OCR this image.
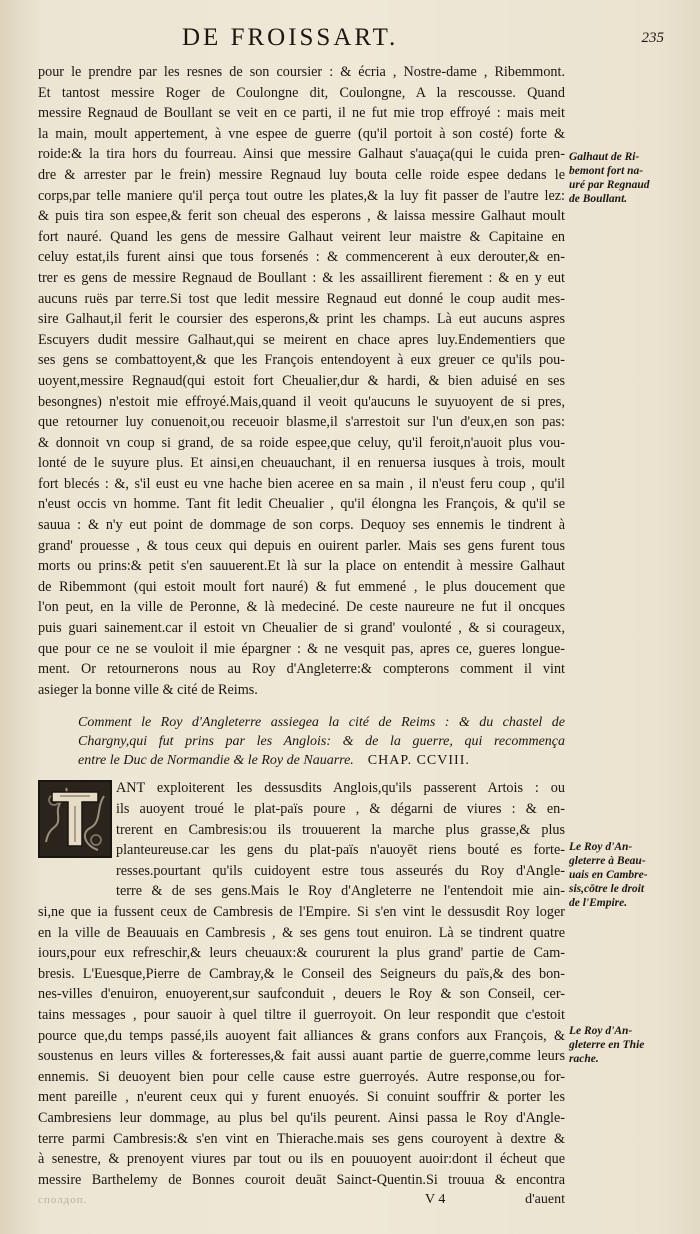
DE FROISSART.	235
pour le prendre par les resnes de son coursier : & écria , Nostre-dame , Ribemmont.
Et tantost messire Roger de Coulongne dit, Coulongne, A la rescousse. Quand
messire Regnaud de Boullant se veit en ce parti, il ne fut mie trop effroyé : mais meit
la main, moult appertement, à vne espee de guerre (qu'il portoit à son costé) forte &
roide:& la tira hors du fourreau. Ainsi que messire Galhaut s'auaça(qui le cuida pren-
dre & arrester par le frein) messire Regnaud luy bouta celle roide espee dedans le
corps,par telle maniere qu'il perça tout outre les plates,& la luy fit passer de l'autre lez:
& puis tira son espee,& ferit son cheual des esperons , & laissa messire Galhaut moult
fort nauré. Quand les gens de messire Galhaut veirent leur maistre & Capitaine en
celuy estat,ils furent ainsi que tous forsenés : & commencerent à eux derouter,& en-
trer es gens de messire Regnaud de Boullant : & les assaillirent fierement : & en y eut
aucuns ruës par terre.Si tost que ledit messire Regnaud eut donné le coup audit mes-
sire Galhaut,il ferit le coursier des esperons,& print les champs. Là eut aucuns aspres
Escuyers dudit messire Galhaut,qui se meirent en chace apres luy.Endementiers que
ses gens se combattoyent,& que les François entendoyent à eux greuer ce qu'ils pou-
uoyent,messire Regnaud(qui estoit fort Cheualier,dur & hardi, & bien aduisé en ses
besongnes) n'estoit mie effroyé.Mais,quand il veoit qu'aucuns le suyuoyent de si pres,
que retourner luy conuenoit,ou receuoir blasme,il s'arrestoit sur l'un d'eux,en son pas:
& donnoit vn coup si grand, de sa roide espee,que celuy, qu'il feroit,n'auoit plus vou-
lonté de le suyure plus. Et ainsi,en cheuauchant, il en renuersa iusques à trois, moult
fort blecés : &, s'il eust eu vne hache bien aceree en sa main , il n'eust feru coup , qu'il
n'eust occis vn homme. Tant fit ledit Cheualier , qu'il élongna les François, & qu'il se
sauua : & n'y eut point de dommage de son corps. Dequoy ses ennemis le tindrent à
grand' prouesse , & tous ceux qui depuis en ouirent parler. Mais ses gens furent tous
morts ou prins:& petit s'en sauuerent.Et là sur la place on entendit à messire Galhaut
de Ribemmont (qui estoit moult fort nauré) & fut emmené , le plus doucement que
l'on peut, en la ville de Peronne, & là medeciné. De ceste naureure ne fut il oncques
puis guari sainement.car il estoit vn Cheualier de si grand' voulonté , & si courageux,
que pour ce ne se vouloit il mie épargner : & ne vesquit pas, apres ce, gueres longue-
ment. Or retournerons nous au Roy d'Angleterre:& compterons comment il vint
asieger la bonne ville & cité de Reims.
Comment le Roy d'Angleterre assiegea la cité de Reims : & du chastel de
Chargny,qui fut prins par les Anglois: & de la guerre, qui recommença
entre le Duc de Normandie & le Roy de Nauarre. CHAP. CCVIII.
ANT exploiterent les dessusdits Anglois,qu'ils passerent Artois : ou
ils auoyent troué le plat-païs poure , & dégarni de viures : & en-
trerent en Cambresis:ou ils trouuerent la marche plus grasse,& plus
planteureuse.car les gens du plat-païs n'auoyēt riens bouté es forte-
resses.pourtant qu'ils cuidoyent estre tous asseurés du Roy d'Angle-
terre & de ses gens.Mais le Roy d'Angleterre ne l'entendoit mie ain-
si,ne que ia fussent ceux de Cambresis de l'Empire. Si s'en vint le dessusdit Roy loger
en la ville de Beauuais en Cambresis , & ses gens tout enuiron. Là se tindrent quatre
iours,pour eux refreschir,& leurs cheuaux:& coururent la plus grand' partie de Cam-
bresis. L'Euesque,Pierre de Cambray,& le Conseil des Seigneurs du païs,& des bon-
nes-villes d'enuiron, enuoyerent,sur saufconduit , deuers le Roy & son Conseil, cer-
tains messages , pour sauoir à quel tiltre il guerroyoit. On leur respondit que c'estoit
pource que,du temps passé,ils auoyent fait alliances & grans confors aux François, &
soustenus en leurs villes & forteresses,& fait aussi auant partie de guerre,comme leurs
ennemis. Si deuoyent bien pour celle cause estre guerroyés. Autre response,ou for-
ment pareille , n'eurent ceux qui y furent enuoyés. Si conuint souffrir & porter les
Cambresiens leur dommage, au plus bel qu'ils peurent. Ainsi passa le Roy d'Angle-
terre parmi Cambresis:& s'en vint en Thierache.mais ses gens couroyent à dextre &
à senestre, & prenoyent viures par tout ou ils en pouuoyent auoir:dont il écheut que
messire Barthelemy de Bonnes couroit deuāt Sainct-Quentin.Si trouua & encontra
сполдоп.	V 4	d'auent
Galhaut de Ri-
bemont fort na-
uré par Regnaud
de Boullant.
Le Roy d'An-
gleterre à Beau-
uais en Cambre-
sis,cōtre le droit
de l'Empire.
Le Roy d'An-
gleterre en Thie
rache.
